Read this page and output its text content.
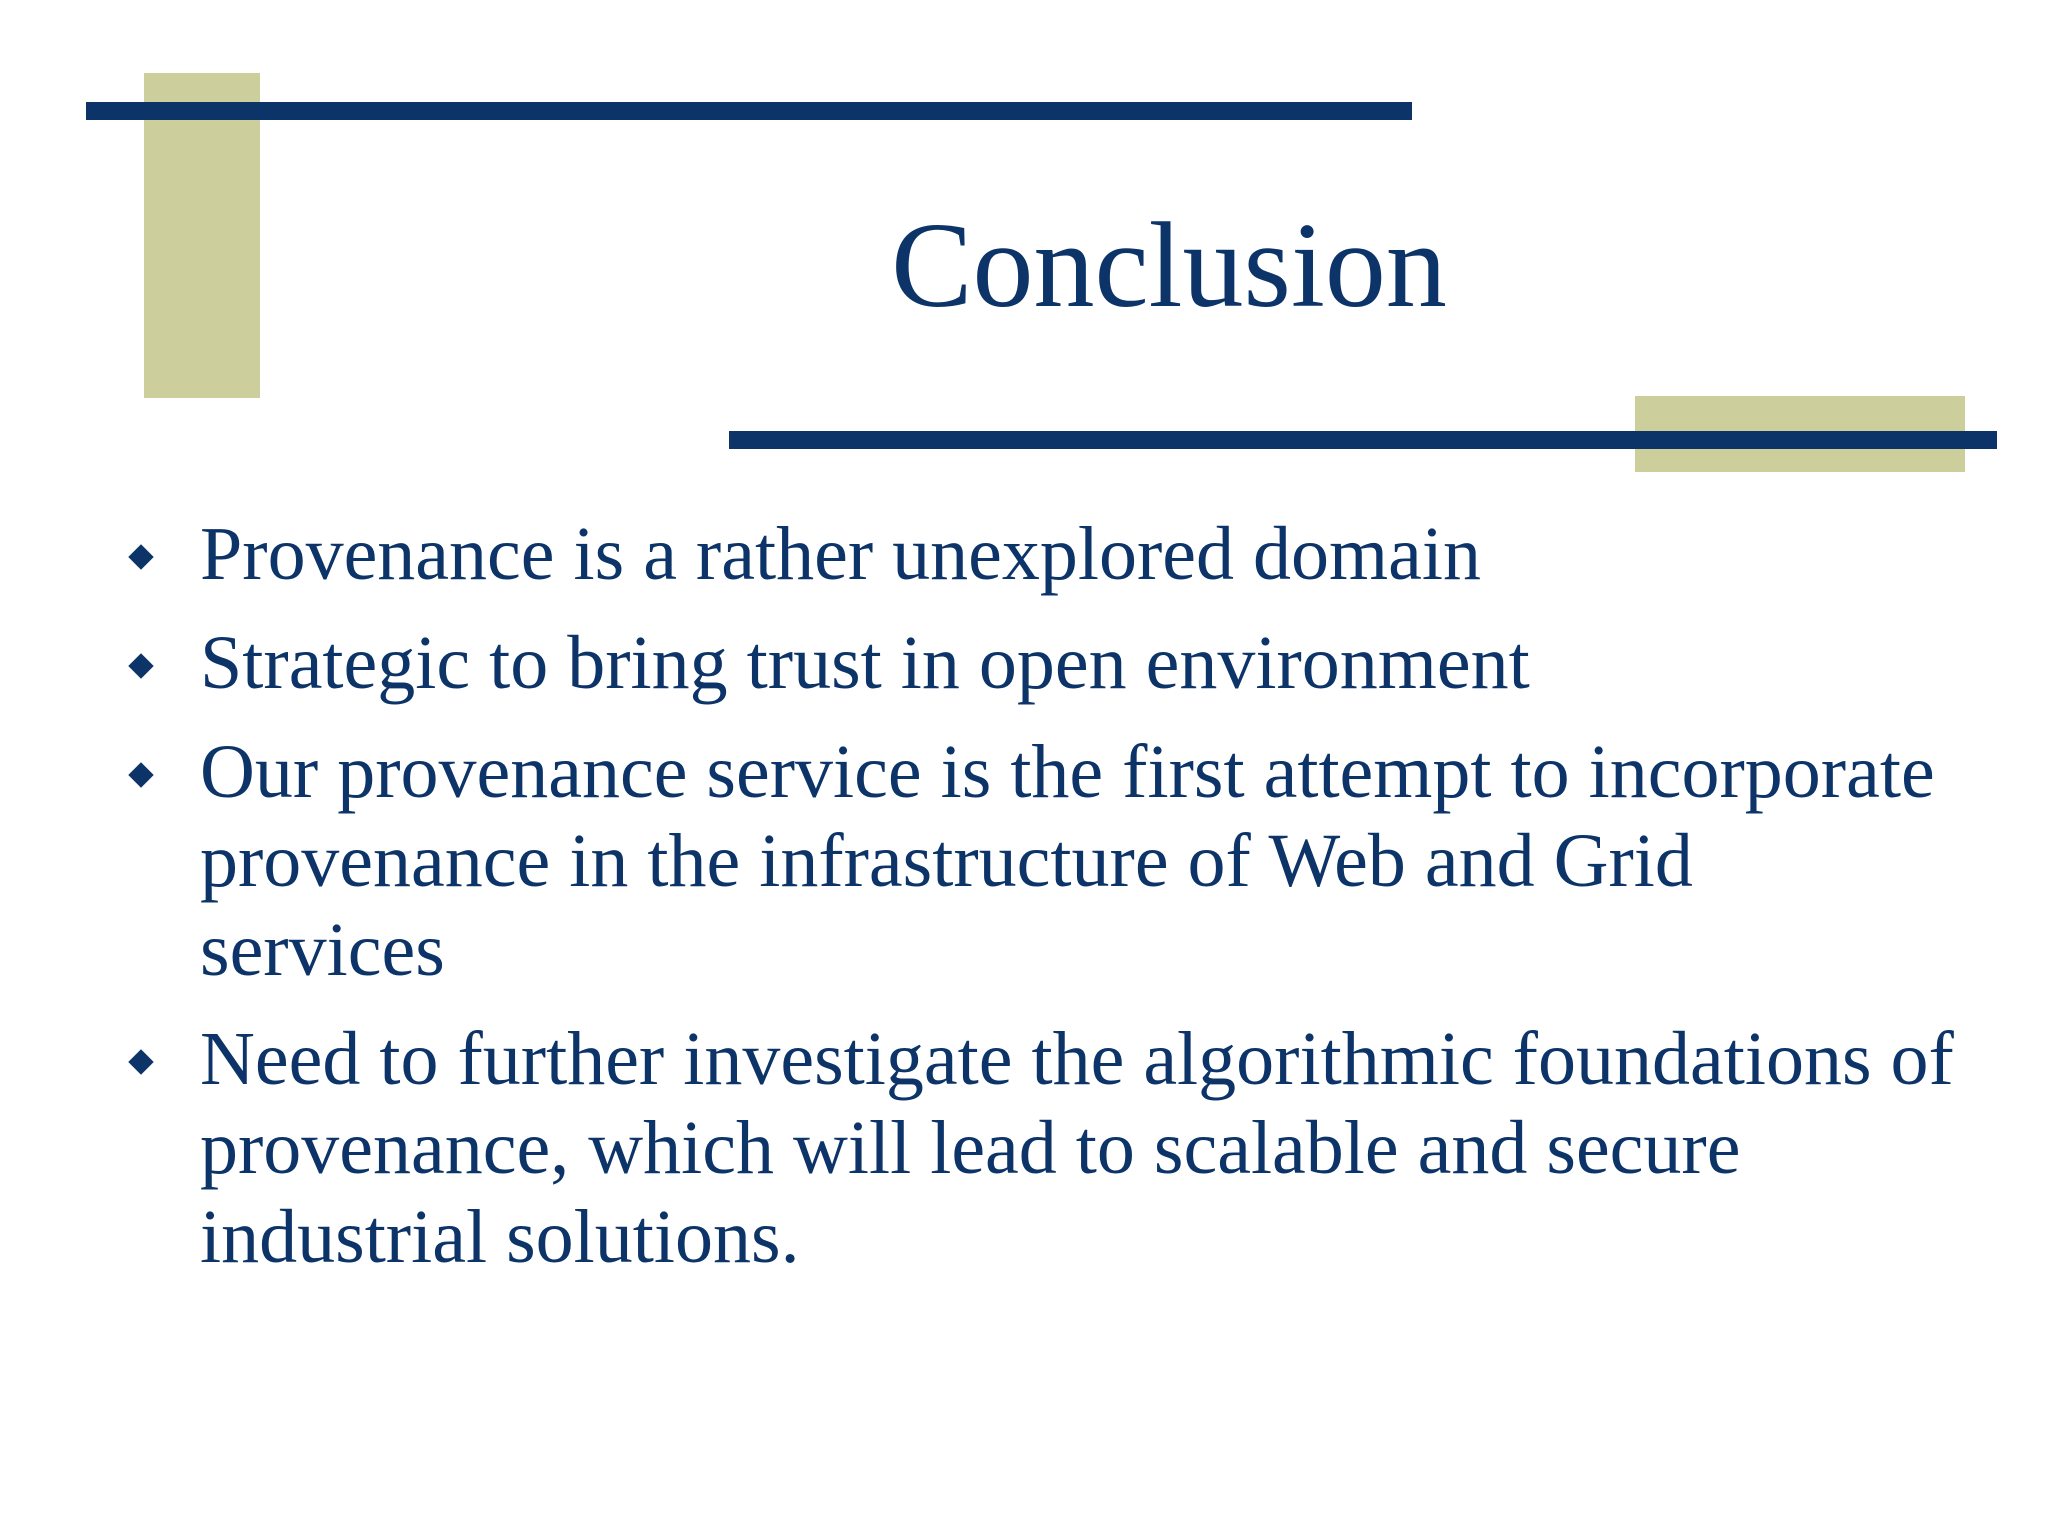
Conclusion
Provenance is a rather unexplored domain
Strategic to bring trust in open environment
Our provenance service is the first attempt to incorporate provenance in the infrastructure of Web and Grid services
Need to further investigate the algorithmic foundations of provenance, which will lead to scalable and secure industrial solutions.
